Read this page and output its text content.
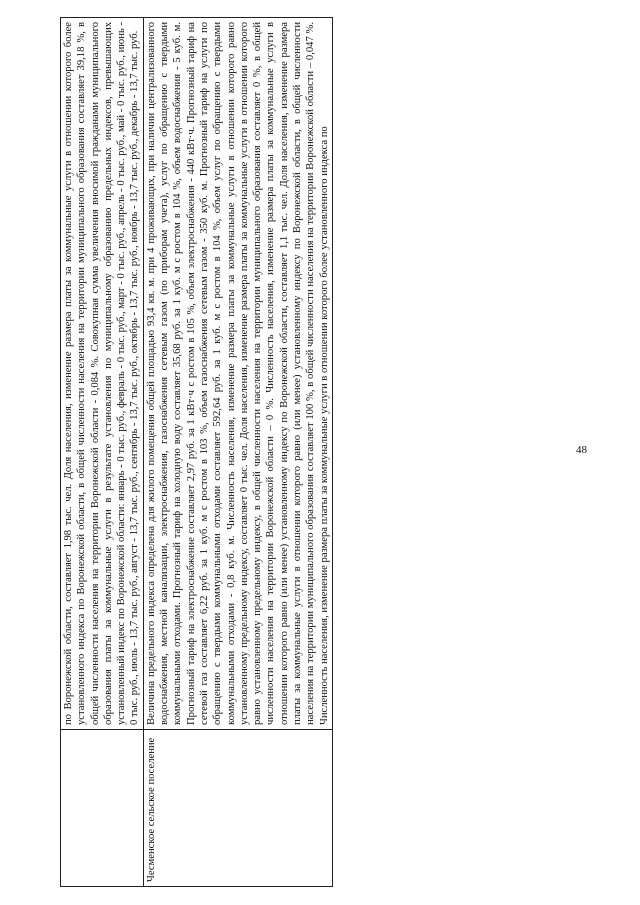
48
	по Воронежской области, составляет 1,98 тыс. чел. Доля населения, изменение размера платы за коммунальные услуги в отношении которого более установленного индекса по Воронежской области, в общей численности населения на территории муниципального образования составляет 39,18 %, в общей численности населения на территории Воронежской области - 0,084 %. Совокупная сумма увеличения вносимой гражданами муниципального образования платы за коммунальные услуги в результате установления по муниципальному образованию предельных индексов, превышающих установленный индекс по Воронежской области: январь - 0 тыс. руб., февраль - 0 тыс. руб., март - 0 тыс. руб., апрель - 0 тыс. руб., май - 0 тыс. руб., июнь - 0 тыс. руб., июль - 13,7 тыс. руб., август - 13,7 тыс. руб., сентябрь - 13,7 тыс. руб., октябрь - 13,7 тыс. руб., ноябрь - 13,7 тыс. руб., декабрь - 13,7 тыс. руб.
Чесменское сельское поселение	Величина предельного индекса определена для жилого помещения общей площадью 93,4 кв. м. при 4 проживающих, при наличии централизованного водоснабжения, местной канализации, электроснабжения, газоснабжения сетевым газом (по приборам учета), услуг по обращению с твердыми коммунальными отходами. Прогнозный тариф на холодную воду составляет 35,68 руб. за 1 куб. м с ростом в 104 %, объем водоснабжения - 5 куб. м. Прогнозный тариф на электроснабжение составляет 2,97 руб. за 1 кВт·ч с ростом в 105 %, объем электроснабжения - 440 кВт·ч. Прогнозный тариф на сетевой газ составляет 6,22 руб. за 1 куб. м с ростом в 103 %, объем газоснабжения сетевым газом - 350 куб. м. Прогнозный тариф на услуги по обращению с твердыми коммунальными отходами составляет 592,64 руб. за 1 куб. м с ростом в 104 %, объем услуг по обращению с твердыми коммунальными отходами - 0,8 куб. м. Численность населения, изменение размера платы за коммунальные услуги в отношении которого равно установленному предельному индексу, составляет 0 тыс. чел. Доля населения, изменение размера платы за коммунальные услуги в отношении которого равно установленному предельному индексу, в общей численности населения на территории муниципального образования составляет 0 %, в общей численности населения на территории Воронежской области – 0 %. Численность населения, изменение размера платы за коммунальные услуги в отношении которого равно (или менее) установленному индексу по Воронежской области, составляет 1,1 тыс. чел. Доля населения, изменение размера платы за коммунальные услуги в отношении которого равно (или менее) установленному индексу по Воронежской области, в общей численности населения на территории муниципального образования составляет 100 %, в общей численности населения на территории Воронежской области – 0,047 %. Численность населения, изменение размера платы за коммунальные услуги в отношении которого более установленного индекса по
